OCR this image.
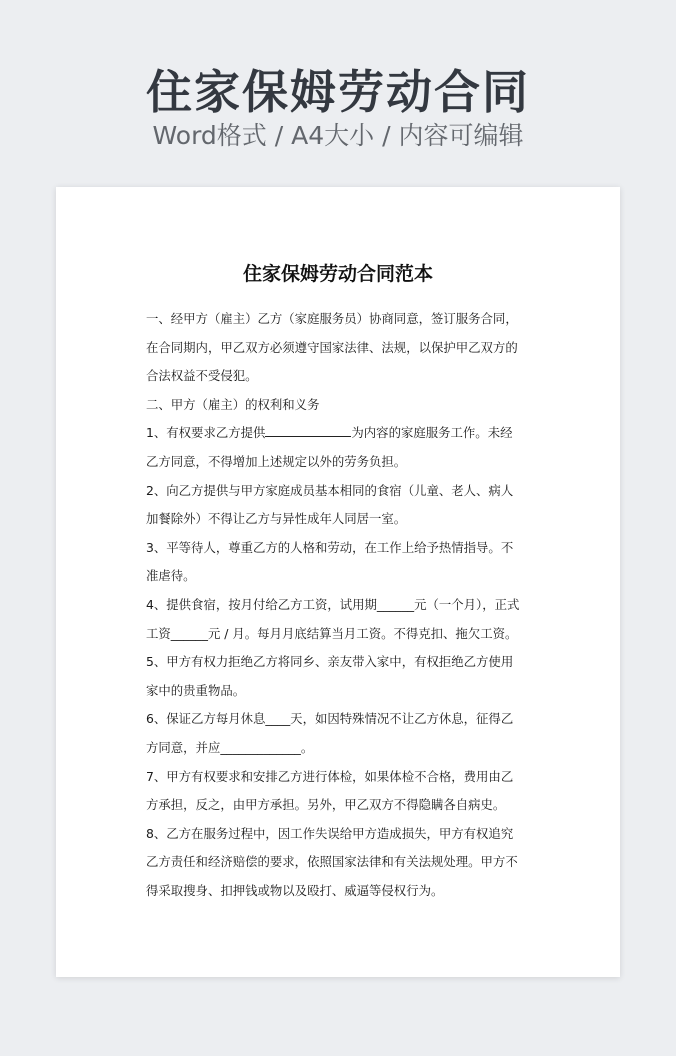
住家保姆劳动合同
Word格式 / A4大小 / 内容可编辑
住家保姆劳动合同范本
一、经甲方（雇主）乙方（家庭服务员）协商同意，签订服务合同，
在合同期内，甲乙双方必须遵守国家法律、法规，以保护甲乙双方的
合法权益不受侵犯。
二、甲方（雇主）的权利和义务
1、有权要求乙方提供	为内容的家庭服务工作。未经
乙方同意，不得增加上述规定以外的劳务负担。
2、向乙方提供与甲方家庭成员基本相同的食宿（儿童、老人、病人
加餐除外）不得让乙方与异性成年人同居一室。
3、平等待人，尊重乙方的人格和劳动，在工作上给予热情指导。不
准虐待。
4、提供食宿，按月付给乙方工资，试用期______元（一个月），正式
工资______元 / 月。每月月底结算当月工资。不得克扣、拖欠工资。
5、甲方有权力拒绝乙方将同乡、亲友带入家中，有权拒绝乙方使用
家中的贵重物品。
6、保证乙方每月休息____天，如因特殊情况不让乙方休息，征得乙
方同意，并应_____________。
7、甲方有权要求和安排乙方进行体检，如果体检不合格，费用由乙
方承担，反之，由甲方承担。另外，甲乙双方不得隐瞒各自病史。
8、乙方在服务过程中，因工作失误给甲方造成损失，甲方有权追究
乙方责任和经济赔偿的要求，依照国家法律和有关法规处理。甲方不
得采取搜身、扣押钱或物以及殴打、威逼等侵权行为。
